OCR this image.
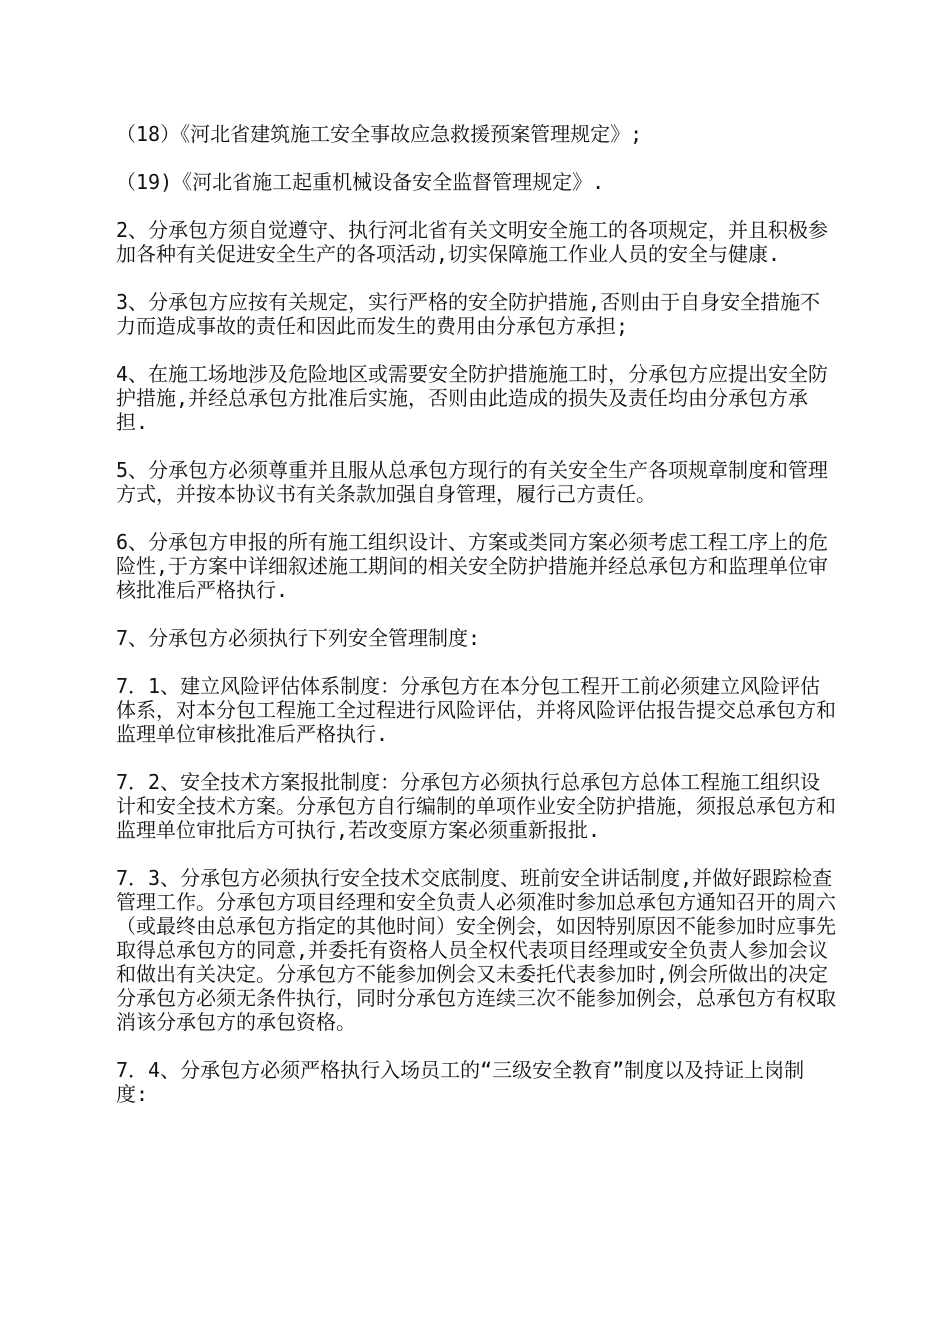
（18）《河北省建筑施工安全事故应急救援预案管理规定》;

（19)《河北省施工起重机械设备安全监督管理规定》.

2、分承包方须自觉遵守、执行河北省有关文明安全施工的各项规定，并且积极参加各种有关促进安全生产的各项活动,切实保障施工作业人员的安全与健康.

3、分承包方应按有关规定，实行严格的安全防护措施,否则由于自身安全措施不力而造成事故的责任和因此而发生的费用由分承包方承担;

4、在施工场地涉及危险地区或需要安全防护措施施工时，分承包方应提出安全防护措施,并经总承包方批准后实施，否则由此造成的损失及责任均由分承包方承担.

5、分承包方必须尊重并且服从总承包方现行的有关安全生产各项规章制度和管理方式，并按本协议书有关条款加强自身管理，履行己方责任。

6、分承包方申报的所有施工组织设计、方案或类同方案必须考虑工程工序上的危险性,于方案中详细叙述施工期间的相关安全防护措施并经总承包方和监理单位审核批准后严格执行.

7、分承包方必须执行下列安全管理制度:

7．1、建立风险评估体系制度：分承包方在本分包工程开工前必须建立风险评估体系，对本分包工程施工全过程进行风险评估，并将风险评估报告提交总承包方和监理单位审核批准后严格执行.

7．2、安全技术方案报批制度：分承包方必须执行总承包方总体工程施工组织设计和安全技术方案。分承包方自行编制的单项作业安全防护措施，须报总承包方和监理单位审批后方可执行,若改变原方案必须重新报批.

7．3、分承包方必须执行安全技术交底制度、班前安全讲话制度,并做好跟踪检查管理工作。分承包方项目经理和安全负责人必须准时参加总承包方通知召开的周六（或最终由总承包方指定的其他时间）安全例会，如因特别原因不能参加时应事先取得总承包方的同意,并委托有资格人员全权代表项目经理或安全负责人参加会议和做出有关决定。分承包方不能参加例会又未委托代表参加时,例会所做出的决定分承包方必须无条件执行，同时分承包方连续三次不能参加例会，总承包方有权取消该分承包方的承包资格。

7．4、分承包方必须严格执行入场员工的“三级安全教育”制度以及持证上岗制度:
